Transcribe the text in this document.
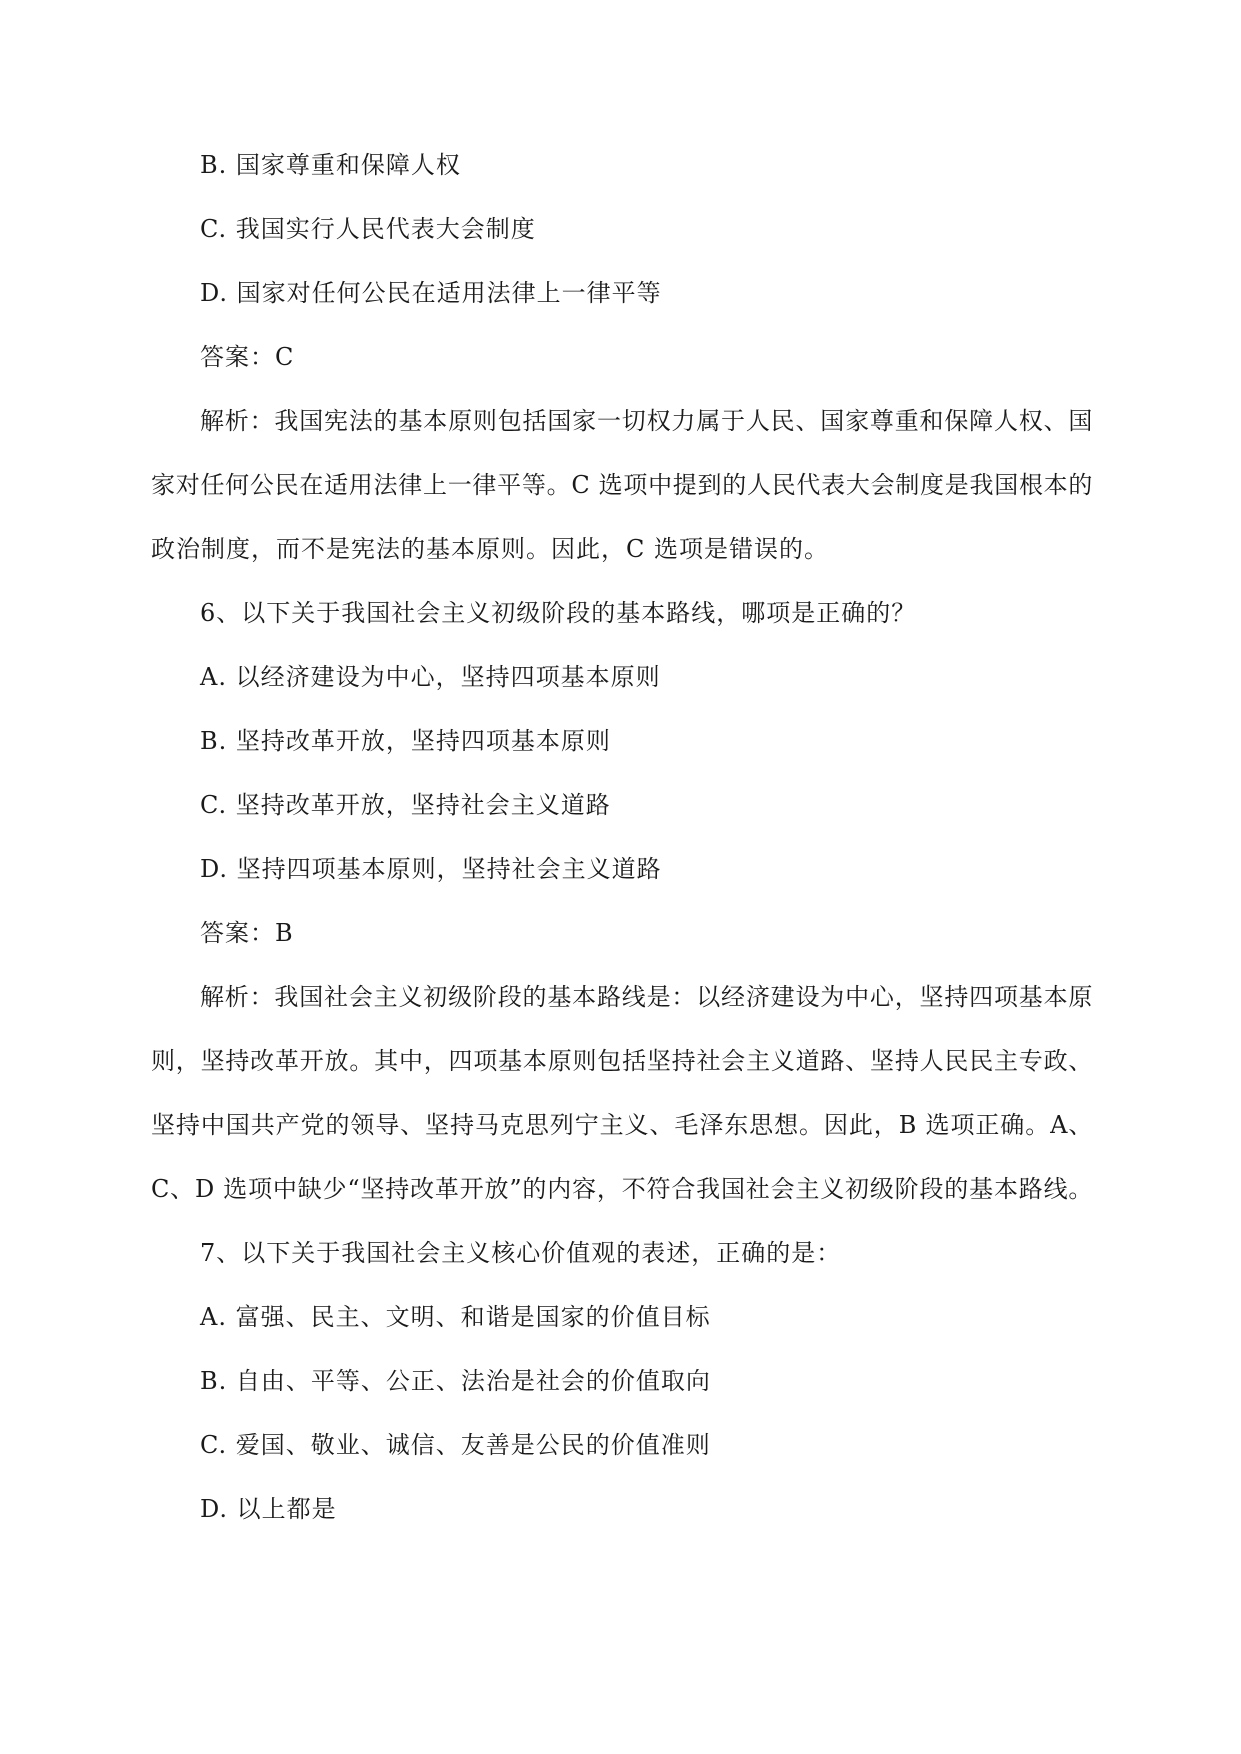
B. 国家尊重和保障人权
C. 我国实行人民代表大会制度
D. 国家对任何公民在适用法律上一律平等
答案：C
解析：我国宪法的基本原则包括国家一切权力属于人民、国家尊重和保障人权、国
家对任何公民在适用法律上一律平等。C 选项中提到的人民代表大会制度是我国根本的
政治制度，而不是宪法的基本原则。因此，C 选项是错误的。
6、以下关于我国社会主义初级阶段的基本路线，哪项是正确的？
A. 以经济建设为中心，坚持四项基本原则
B. 坚持改革开放，坚持四项基本原则
C. 坚持改革开放，坚持社会主义道路
D. 坚持四项基本原则，坚持社会主义道路
答案：B
解析：我国社会主义初级阶段的基本路线是：以经济建设为中心，坚持四项基本原
则，坚持改革开放。其中，四项基本原则包括坚持社会主义道路、坚持人民民主专政、
坚持中国共产党的领导、坚持马克思列宁主义、毛泽东思想。因此，B 选项正确。A、
C、D 选项中缺少“坚持改革开放”的内容，不符合我国社会主义初级阶段的基本路线。
7、以下关于我国社会主义核心价值观的表述，正确的是：
A. 富强、民主、文明、和谐是国家的价值目标
B. 自由、平等、公正、法治是社会的价值取向
C. 爱国、敬业、诚信、友善是公民的价值准则
D. 以上都是
